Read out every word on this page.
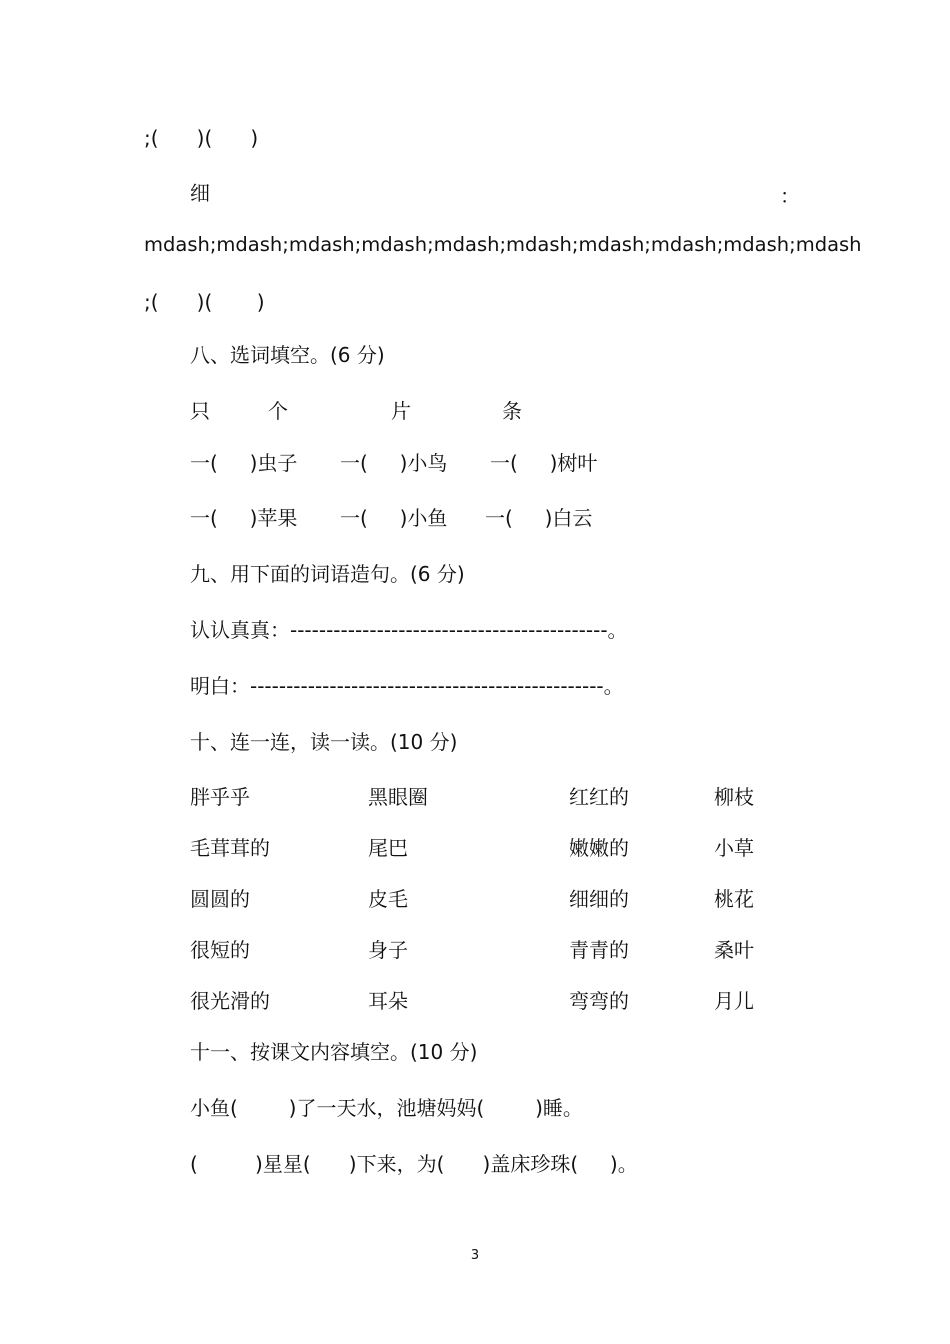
;(      )(      )
细	：
mdash;mdash;mdash;mdash;mdash;mdash;mdash;mdash;mdash;mdash
;(      )(       )
八、选词填空。(6 分)
只	个	片	条
一(     )虫子 一(     )小鸟 一(     )树叶
一(     )苹果 一(     )小鱼 一(     )白云
九、用下面的词语造句。(6 分)
认认真真：--------------------------------------------。
明白：-------------------------------------------------。
十、连一连，读一读。(10 分)
胖乎乎	黑眼圈	红红的	柳枝
毛茸茸的	尾巴	嫩嫩的	小草
圆圆的	皮毛	细细的	桃花
很短的	身子	青青的	桑叶
很光滑的	耳朵	弯弯的	月儿
十一、按课文内容填空。(10 分)
小鱼(        )了一天水，池塘妈妈(        )睡。
(         )星星(      )下来，为(      )盖床珍珠(     )。
3
